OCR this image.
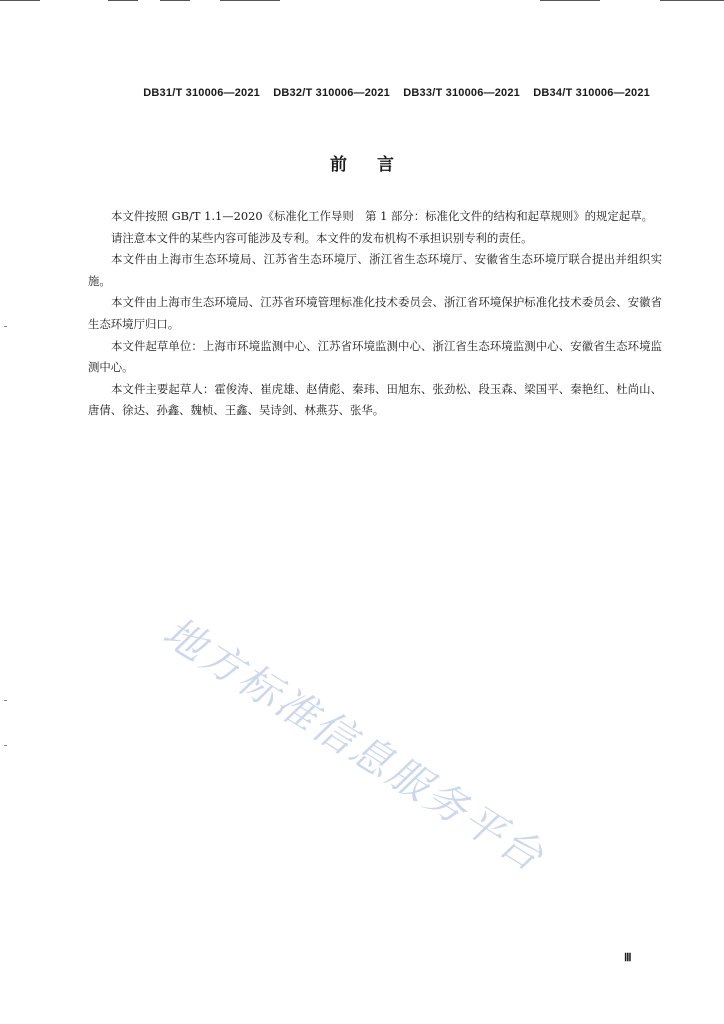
DB31/T 310006—2021 DB32/T 310006—2021 DB33/T 310006—2021 DB34/T 310006—2021
前言

本文件按照 GB/T 1.1—2020《标准化工作导则　第 1 部分：标准化文件的结构和起草规则》的规定起草。

请注意本文件的某些内容可能涉及专利。本文件的发布机构不承担识别专利的责任。

本文件由上海市生态环境局、江苏省生态环境厅、浙江省生态环境厅、安徽省生态环境厅联合提出并组织实施。

本文件由上海市生态环境局、江苏省环境管理标准化技术委员会、浙江省环境保护标准化技术委员会、安徽省生态环境厅归口。

本文件起草单位：上海市环境监测中心、江苏省环境监测中心、浙江省生态环境监测中心、安徽省生态环境监测中心。

本文件主要起草人：霍俊涛、崔虎雄、赵倩彪、秦玮、田旭东、张劲松、段玉森、梁国平、秦艳红、杜尚山、唐倩、徐达、孙鑫、魏桢、王鑫、吴诗剑、林燕芬、张华。

地方标准信息服务平台
Ⅲ
